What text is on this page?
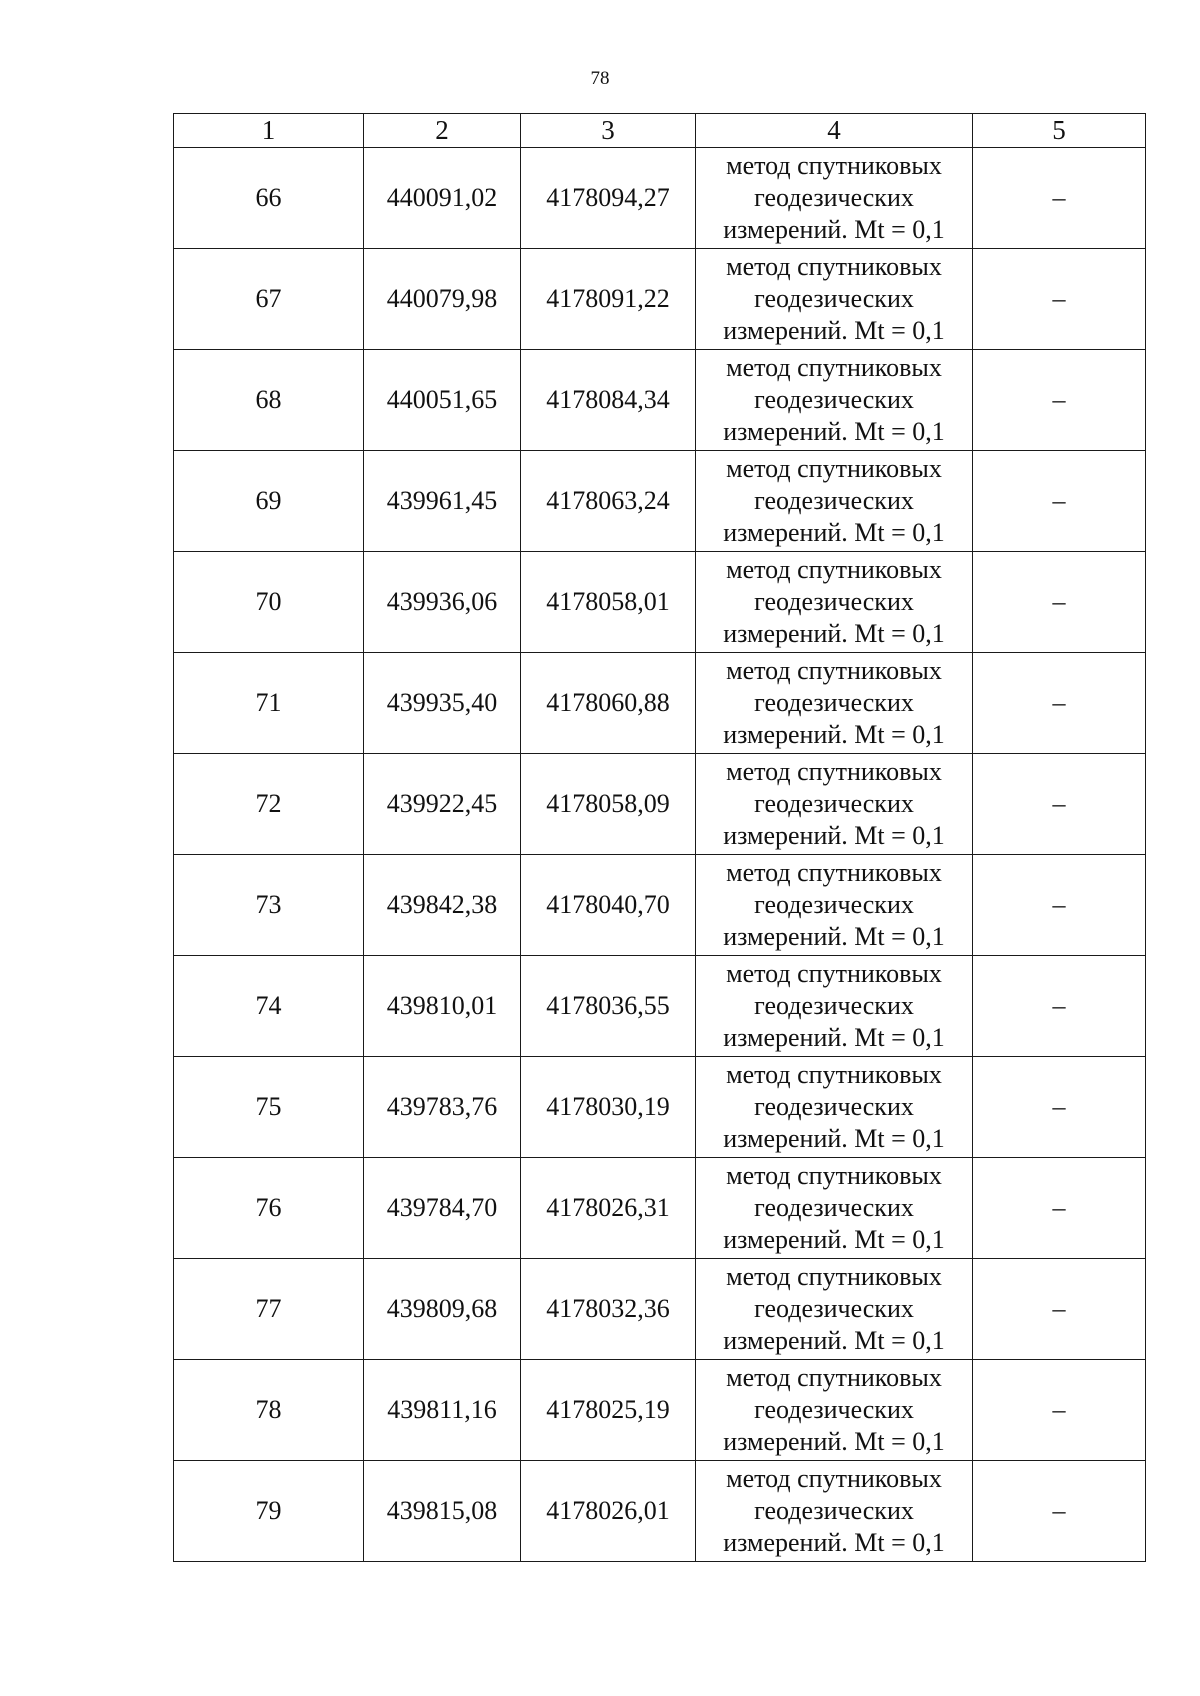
78
1	2	3	4	5
66	440091,02	4178094,27	метод спутниковых
геодезических
измерений. Mt = 0,1	–
67	440079,98	4178091,22	метод спутниковых
геодезических
измерений. Mt = 0,1	–
68	440051,65	4178084,34	метод спутниковых
геодезических
измерений. Mt = 0,1	–
69	439961,45	4178063,24	метод спутниковых
геодезических
измерений. Mt = 0,1	–
70	439936,06	4178058,01	метод спутниковых
геодезических
измерений. Mt = 0,1	–
71	439935,40	4178060,88	метод спутниковых
геодезических
измерений. Mt = 0,1	–
72	439922,45	4178058,09	метод спутниковых
геодезических
измерений. Mt = 0,1	–
73	439842,38	4178040,70	метод спутниковых
геодезических
измерений. Mt = 0,1	–
74	439810,01	4178036,55	метод спутниковых
геодезических
измерений. Mt = 0,1	–
75	439783,76	4178030,19	метод спутниковых
геодезических
измерений. Mt = 0,1	–
76	439784,70	4178026,31	метод спутниковых
геодезических
измерений. Mt = 0,1	–
77	439809,68	4178032,36	метод спутниковых
геодезических
измерений. Mt = 0,1	–
78	439811,16	4178025,19	метод спутниковых
геодезических
измерений. Mt = 0,1	–
79	439815,08	4178026,01	метод спутниковых
геодезических
измерений. Mt = 0,1	–
